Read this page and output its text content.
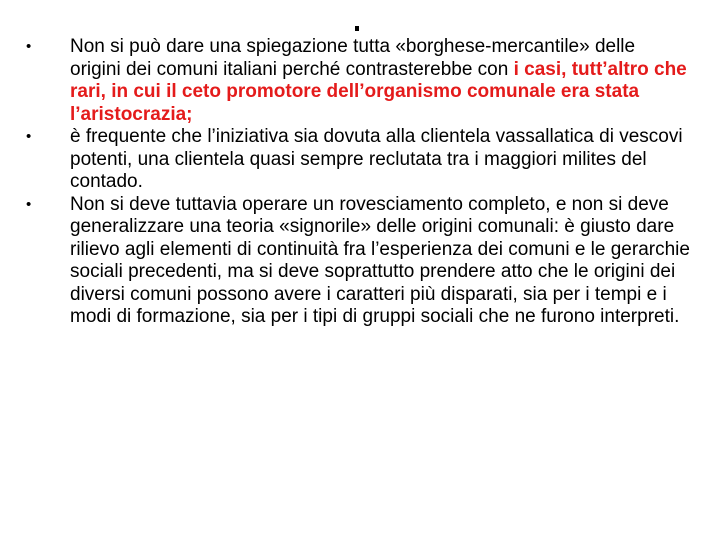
•	Non si può dare una spiegazione tutta «borghese-mercantile» delle origini dei comuni italiani perché contrasterebbe con i casi, tutt’altro che rari, in cui il ceto promotore dell’organismo comunale era stata l’aristocrazia;
•	è frequente che l’iniziativa sia dovuta alla clientela vassallatica di vescovi potenti, una clientela quasi sempre reclutata tra i maggiori milites del contado.
•	Non si deve tuttavia operare un rovesciamento completo, e non si deve generalizzare una teoria «signorile» delle origini comunali: è giusto dare rilievo agli elementi di continuità fra l’esperienza dei comuni e le gerarchie sociali precedenti, ma si deve soprattutto prendere atto che le origini dei diversi comuni possono avere i caratteri più disparati, sia per i tempi e i modi di formazione, sia per i tipi di gruppi sociali che ne furono interpreti.
